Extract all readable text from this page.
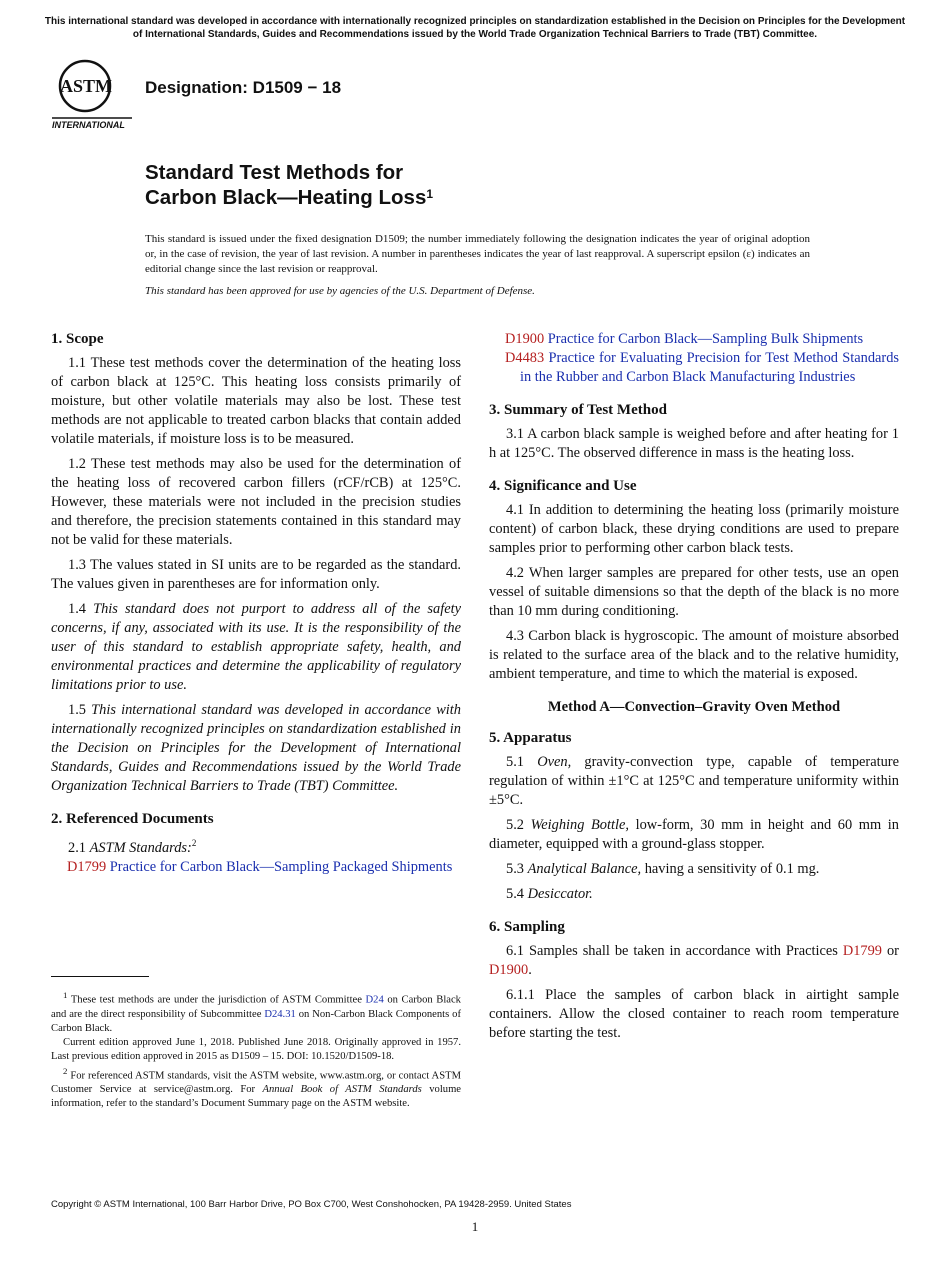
This international standard was developed in accordance with internationally recognized principles on standardization established in the Decision on Principles for the Development of International Standards, Guides and Recommendations issued by the World Trade Organization Technical Barriers to Trade (TBT) Committee.
ASTM
INTERNATIONAL
Designation: D1509 − 18
Standard Test Methods for
Carbon Black—Heating Loss$^1$
This standard is issued under the fixed designation D1509; the number immediately following the designation indicates the year of original adoption or, in the case of revision, the year of last revision. A number in parentheses indicates the year of last reapproval. A superscript epsilon (ε) indicates an editorial change since the last revision or reapproval.
This standard has been approved for use by agencies of the U.S. Department of Defense.
1. Scope

1.1 These test methods cover the determination of the heating loss of carbon black at 125°C. This heating loss consists primarily of moisture, but other volatile materials may also be lost. These test methods are not applicable to treated carbon blacks that contain added volatile materials, if moisture loss is to be measured.

1.2 These test methods may also be used for the determination of the heating loss of recovered carbon fillers (rCF/rCB) at 125°C. However, these materials were not included in the precision studies and therefore, the precision statements contained in this standard may not be valid for these materials.

1.3 The values stated in SI units are to be regarded as the standard. The values given in parentheses are for information only.

1.4 This standard does not purport to address all of the safety concerns, if any, associated with its use. It is the responsibility of the user of this standard to establish appropriate safety, health, and environmental practices and determine the applicability of regulatory limitations prior to use.

1.5 This international standard was developed in accordance with internationally recognized principles on standardization established in the Decision on Principles for the Development of International Standards, Guides and Recommendations issued by the World Trade Organization Technical Barriers to Trade (TBT) Committee.

2. Referenced Documents

2.1 ASTM Standards:$^2$

D1799 Practice for Carbon Black—Sampling Packaged Shipments

$^1$ These test methods are under the jurisdiction of ASTM Committee D24 on Carbon Black and are the direct responsibility of Subcommittee D24.31 on Non-Carbon Black Components of Carbon Black.

Current edition approved June 1, 2018. Published June 2018. Originally approved in 1957. Last previous edition approved in 2015 as D1509 – 15. DOI: 10.1520/D1509-18.

$^2$ For referenced ASTM standards, visit the ASTM website, www.astm.org, or contact ASTM Customer Service at service@astm.org. For Annual Book of ASTM Standards volume information, refer to the standard’s Document Summary page on the ASTM website.

D1900 Practice for Carbon Black—Sampling Bulk Shipments

D4483 Practice for Evaluating Precision for Test Method Standards in the Rubber and Carbon Black Manufacturing Industries

3. Summary of Test Method

3.1 A carbon black sample is weighed before and after heating for 1 h at 125°C. The observed difference in mass is the heating loss.

4. Significance and Use

4.1 In addition to determining the heating loss (primarily moisture content) of carbon black, these drying conditions are used to prepare samples prior to performing other carbon black tests.

4.2 When larger samples are prepared for other tests, use an open vessel of suitable dimensions so that the depth of the black is no more than 10 mm during conditioning.

4.3 Carbon black is hygroscopic. The amount of moisture absorbed is related to the surface area of the black and to the relative humidity, ambient temperature, and time to which the material is exposed.

Method A—Convection–Gravity Oven Method

5. Apparatus

5.1 Oven, gravity-convection type, capable of temperature regulation of within ±1°C at 125°C and temperature uniformity within ±5°C.

5.2 Weighing Bottle, low-form, 30 mm in height and 60 mm in diameter, equipped with a ground-glass stopper.

5.3 Analytical Balance, having a sensitivity of 0.1 mg.

5.4 Desiccator.

6. Sampling

6.1 Samples shall be taken in accordance with Practices D1799 or D1900.

6.1.1 Place the samples of carbon black in airtight sample containers. Allow the closed container to reach room temperature before starting the test.

Copyright © ASTM International, 100 Barr Harbor Drive, PO Box C700, West Conshohocken, PA 19428-2959. United States
1
